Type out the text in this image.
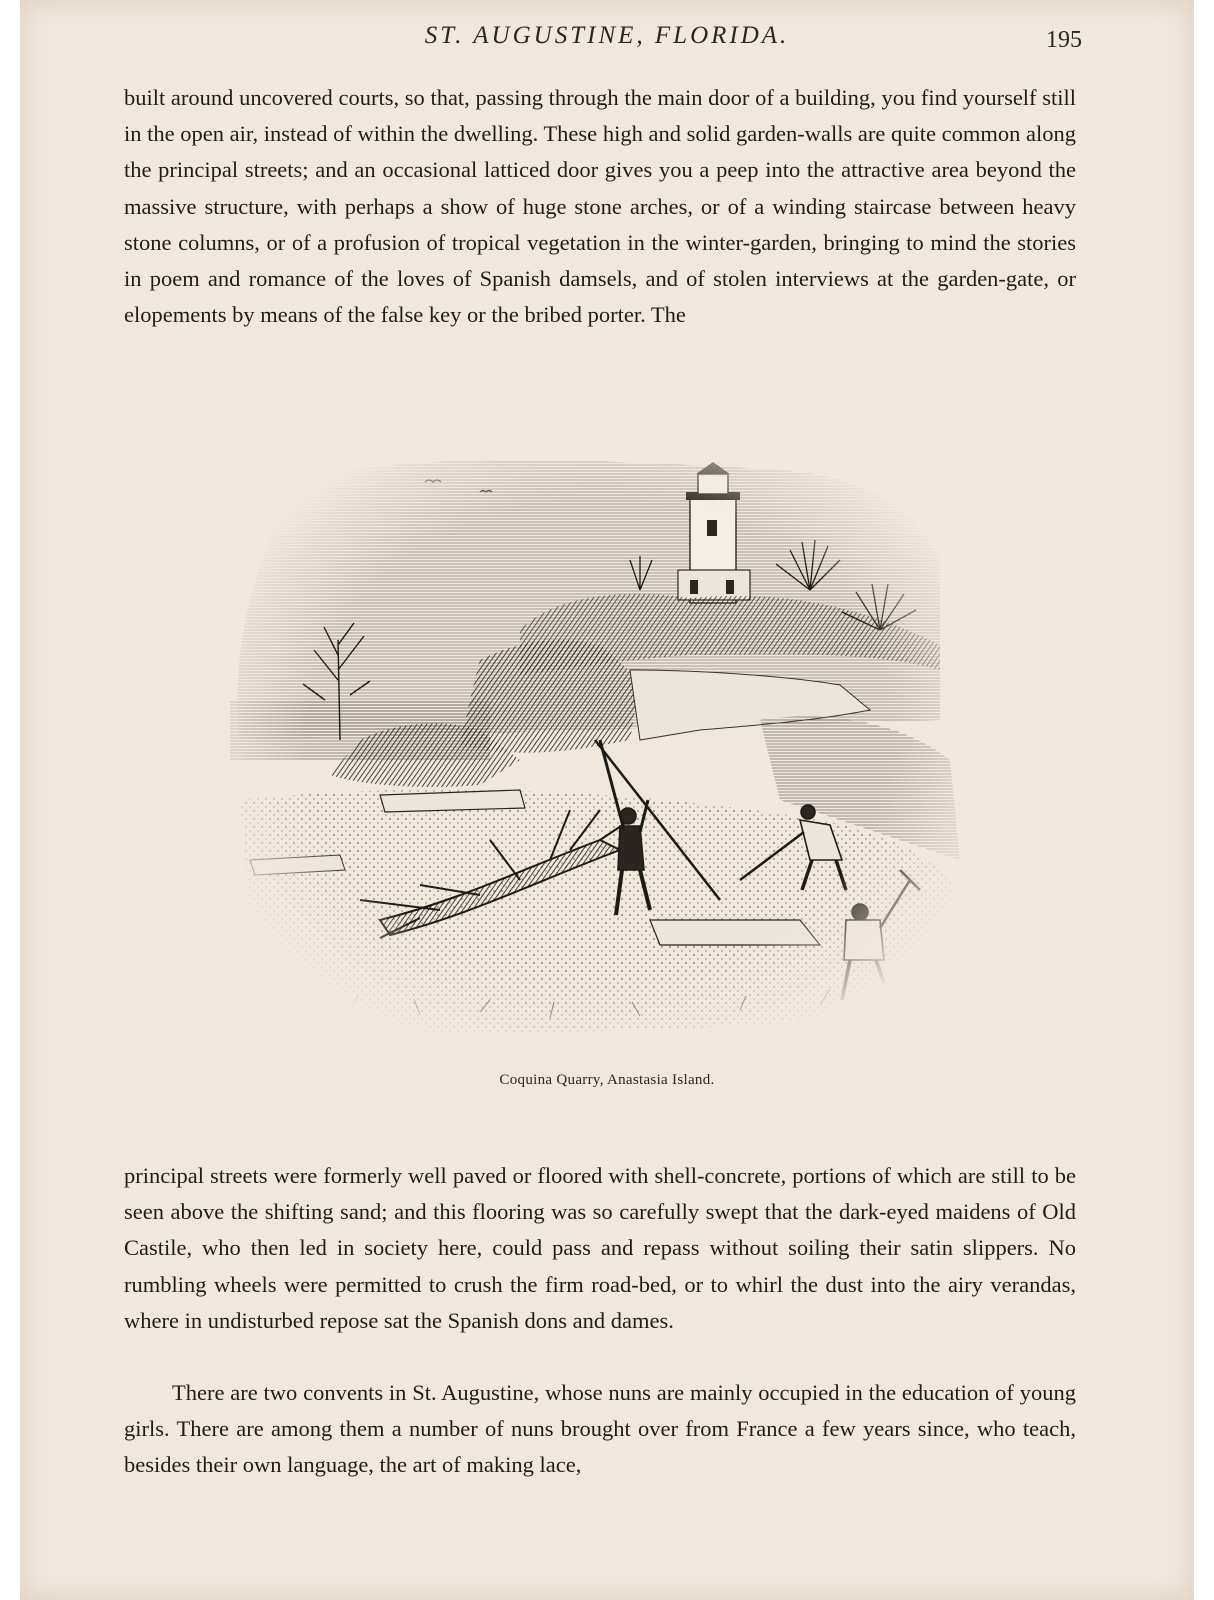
ST. AUGUSTINE, FLORIDA.	195

built around uncovered courts, so that, passing through the main door of a building, you find yourself still in the open air, instead of within the dwelling. These high and solid garden-walls are quite common along the principal streets; and an occasional latticed door gives you a peep into the attractive area beyond the massive structure, with perhaps a show of huge stone arches, or of a winding staircase between heavy stone columns, or of a profusion of tropical vegetation in the winter-garden, bringing to mind the stories in poem and romance of the loves of Spanish damsels, and of stolen interviews at the garden-gate, or elopements by means of the false key or the bribed porter. The

Coquina Quarry, Anastasia Island.

principal streets were formerly well paved or floored with shell-concrete, portions of which are still to be seen above the shifting sand; and this flooring was so carefully swept that the dark-eyed maidens of Old Castile, who then led in society here, could pass and repass without soiling their satin slippers. No rumbling wheels were permitted to crush the firm road-bed, or to whirl the dust into the airy verandas, where in undisturbed repose sat the Spanish dons and dames.

There are two convents in St. Augustine, whose nuns are mainly occupied in the education of young girls. There are among them a number of nuns brought over from France a few years since, who teach, besides their own language, the art of making lace,
